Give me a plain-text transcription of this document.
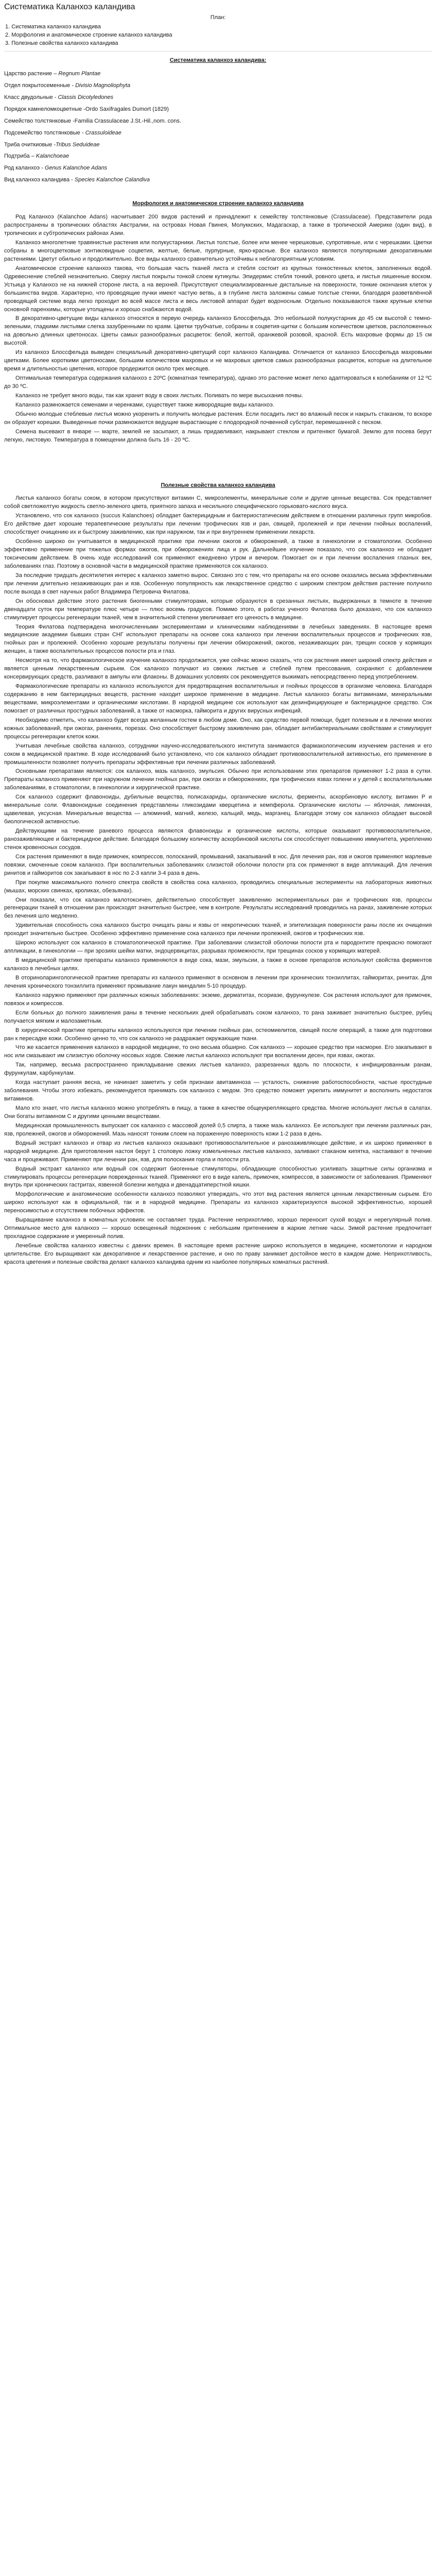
Систематика Каланхоэ каландива
План:
1. Систематика каланхоэ каландива
2. Морфология и анатомическое строение каланхоэ каландива
3. Полезные свойства каланхоэ каландива
Систематика каланхоэ каландива:
Царство растение – Regnum Plantae
Отдел покрытосеменные - Divisio Magnoliophyta
Класс двудольные - Classis Dicotyledones
Порядок камнеломкоцветные -Ordo Saxifragales Dumort (1829)
Семейство толстянковые -Familia Crassulaceae J.St.-Hil.,nom. cons.
Подсемейство толстянковые - Crassuloideae
Триба очиткиовые -Tribus Seduideae
Подтриба – Kalanchoeae
Род каланхоэ - Genus Kalanchoe Adans
Вид каланхоэ каландива - Species Kalanchoe Calandiva
Морфология и анатомическое строение каланхоэ каландива

Род Каланхоэ (Kalanchoe Adans) насчитывает 200 видов растений и принадлежит к семейству толстянковые (Crassulaceae). Представители рода распространены в тропических областях Австралии, на островах Новая Гвинея, Молуккских, Мадагаскар, а также в тропической Америке (один вид), в тропических и субтропических районах Азии.

Каланхоэ многолетние травянистые растения или полукустарники. Листья толстые, более или менее черешковые, супротивные, или с черешками. Цветки собраны в многоцветковые зонтиковидные соцветия, желтые, белые, пурпурные, ярко-красные. Все каланхоэ являются популярными декоративными растениями. Цветут обильно и продолжительно. Все виды каланхоэ сравнительно устойчивы к неблагоприятным условиям.

Анатомическое строение каланхоэ такова, что большая часть тканей листа и стебля состоит из крупных тонкостенных клеток, заполненных водой. Одревеснение стеблей незначительно. Сверху листья покрыты тонкой слоем кутикулы. Эпидермис стебля тонкий, ровного цвета, и листья лишенные воском. Устьица у Каланхоэ не на нижней стороне листа, а на верхней. Присутствуют специализированные дистальные на поверхности, тонкие окончания клеток у большинства видов. Характерно, что проводящие пучки имеют частую ветвь, а в глубине листа заложены самые толстые стенки, благодаря разветвлённой проводящей системе вода легко проходит во всей массе листа и весь листовой аппарат будет водоносным. Отдельно показываются также крупные клетки основной паренхимы, которые утолщены и хорошо снабжаются водой.

В декоративно-цветущие виды каланхоэ относятся в первую очередь каланхоэ Блоссфельда. Это небольшой полукустарник до 45 см высотой с темно-зелеными, гладкими листьями слегка зазубренными по краям. Цветки трубчатые, собраны в соцветия-щитки с большим количеством цветков, расположенных на довольно длинных цветоносах. Цветы самых разнообразных расцветок: белой, желтой, оранжевой розовой, красной. Есть махровые формы до 15 см высотой.

Из каланхоэ Блоссфельда выведен специальный декоративно-цветущий сорт каланхоэ Каландива. Отличается от каланхоэ Блоссфельда махровыми цветками. Более короткими цветоносами, большим количеством махровых и не махровых цветков самых разнообразных расцветок, которые на длительное время и длительностью цветения, которое продержится около трех месяцев.

Оптимальная температура содержания каланхоэ ± 20ºС (комнатная температура), однако это растение может легко адаптироваться к колебаниям от 12 ºС до 30 ºС.

Каланхоэ не требует много воды, так как хранит воду в своих листьях. Поливать по мере высыхания почвы.

Каланхоэ размножается семенами и черенками, существует также живородящие виды каланхоэ.

Обычно молодые стеблевые листья можно укоренить и получить молодые растения. Если посадить лист во влажный песок и накрыть стаканом, то вскоре он образует корешки. Выведенные почки размножаются ведущие вырастающие с плодородной почвенной субстрат, перемешанной с песком.

Семена высевают в январе — марте, землей не засыпают, а лишь придавливают, накрывают стеклом и притеняют бумагой. Землю для посева берут легкую, листовую. Температура в помещении должна быть 16 - 20 ºС.

Полезные свойства каланхоэ каландива

Листья каланхоэ богаты соком, в котором присутствуют витамин С, микроэлементы, минеральные соли и другие ценные вещества. Сок представляет собой светложелтую жидкость светло-зеленого цвета, приятного запаха и несильного специфического горьковато-кислого вкуса.

Установлено, что сок каланхоэ (succus Kalanchoes) обладает бактерицидным и бактериостатическим действием в отношении различных групп микробов. Его действие дает хорошие терапевтические результаты при лечении трофических язв и ран, свищей, пролежней и при лечении гнойных воспалений, способствует очищению их и быстрому заживлению, как при наружном, так и при внутреннем применении лекарств.

Особенно широко он учитывается в медицинской практике при лечении ожогов и обморожений, а также в гинекологии и стоматологии. Особенно эффективно применение при тяжелых формах ожогов, при обморожениях лица и рук. Дальнейшее изучение показало, что сок каланхоэ не обладает токсическим действием. В очень ходе исследований сок применяют ежедневно утром и вечером. Помогает он и при лечении воспаления глазных век, заболеваниях глаз. Поэтому в основной части в медицинской практике применяются сок каланхоэ.

За последние тридцать десятилетия интерес к каланхоэ заметно вырос. Связано это с тем, что препараты на его основе оказались весьма эффективными при лечении длительно незаживающих ран и язв. Особенную популярность как лекарственное средство с широким спектром действия растение получило после выхода в свет научных работ Владимира Петровича Филатова.

Он обосновал действие этого растения биогенными стимуляторами, которые образуются в срезанных листьях, выдержанных в темноте в течение двенадцати суток при температуре плюс четыре — плюс восемь градусов. Помимо этого, в работах ученого Филатова было доказано, что сок каланхоэ стимулирует процессы регенерации тканей, чем в значительной степени увеличивает его ценность в медицине.

Теория Филатова подтверждена многочисленными экспериментами и клиническими наблюдениями в лечебных заведениях. В настоящее время медицинские академии бывших стран СНГ используют препараты на основе сока каланхоэ при лечении воспалительных процессов и трофических язв, гнойных ран и пролежней. Особенно хорошие результаты получены при лечении обморожений, ожогов, незаживающих ран, трещин сосков у кормящих женщин, а также воспалительных процессов полости рта и глаз.

Несмотря на то, что фармакологическое изучение каланхоэ продолжается, уже сейчас можно сказать, что сок растения имеет широкий спектр действия и является ценным лекарственным сырьем. Сок каланхоэ получают из свежих листьев и стеблей путем прессования, сохраняют с добавлением консервирующих средств, разливают в ампулы или флаконы. В домашних условиях сок рекомендуется выжимать непосредственно перед употреблением.

Фармакологические препараты из каланхоэ используются для предотвращения воспалительных и гнойных процессов в организме человека. Благодаря содержанию в нем бактерицидных веществ, растение находит широкое применение в медицине. Листья каланхоэ богаты витаминами, минеральными веществами, микроэлементами и органическими кислотами. В народной медицине сок используют как дезинфицирующее и бактерицидное средство. Сок помогает от различных простудных заболеваний, а также от насморка, гайморита и других вирусных инфекций.

Необходимо отметить, что каланхоэ будет всегда желанным гостем в любом доме. Оно, как средство первой помощи, будет полезным и в лечении многих кожных заболеваний, при ожогах, ранениях, порезах. Оно способствует быстрому заживлению ран, обладает антибактериальными свойствами и стимулирует процессы регенерации клеток кожи.

Учитывая лечебные свойства каланхоэ, сотрудники научно-исследовательского института занимаются фармакологическим изучением растения и его соком в медицинской практике. В ходе исследований было установлено, что сок каланхоэ обладает противовоспалительной активностью, его применение в промышленности позволяет получить препараты эффективные при лечении различных заболеваний.

Основными препаратами являются: сок каланхоэ, мазь каланхоэ, эмульсия. Обычно при использовании этих препаратов применяют 1-2 раза в сутки. Препараты каланхоэ применяют при наружном лечении гнойных ран, при ожогах и обморожениях, при трофических язвах голени и у детей с воспалительными заболеваниями, в стоматологии, в гинекологии и хирургической практике.

Сок каланхоэ содержит флавоноиды, дубильные вещества, полисахариды, органические кислоты, ферменты, аскорбиновую кислоту, витамин Р и минеральные соли. Флавоноидные соединения представлены гликозидами кверцетина и кемпферола. Органические кислоты — яблочная, лимонная, щавелевая, уксусная. Минеральные вещества — алюминий, магний, железо, кальций, медь, марганец. Благодаря этому сок каланхоэ обладает высокой биологической активностью.

Действующими на течение раневого процесса являются флавоноиды и органические кислоты, которые оказывают противовоспалительное, ранозаживляющее и бактерицидное действие. Благодаря большому количеству аскорбиновой кислоты сок способствует повышению иммунитета, укреплению стенок кровеносных сосудов.

Сок растения применяют в виде примочек, компрессов, полосканий, промываний, закапываний в нос. Для лечения ран, язв и ожогов применяют марлевые повязки, смоченные соком каланхоэ. При воспалительных заболеваниях слизистой оболочки полости рта сок применяют в виде аппликаций. Для лечения ринитов и гайморитов сок закапывают в нос по 2-3 капли 3-4 раза в день.

При покупке максимального полного спектра свойств в свойства сока каланхоэ, проводились специальные эксперименты на лабораторных животных (мышах, морских свинках, кроликах, обезьянах).

Они показали, что сок каланхоэ малотоксичен, действительно способствует заживлению экспериментальных ран и трофических язв, процессы регенерации тканей в отношении ран происходят значительно быстрее, чем в контроле. Результаты исследований проводились на ранах, заживление которых без лечения шло медленно.

Удивительная способность сока каланхоэ быстро очищать раны и язвы от некротических тканей, и эпителизация поверхности раны после их очищения проходит значительно быстрее. Особенно эффективно применение сока каланхоэ при лечении пролежней, ожогов и трофических язв.

Широко используют сок каланхоэ в стоматологической практике. При заболевании слизистой оболочки полости рта и пародонтите прекрасно помогают аппликации, в гинекологии — при эрозиях шейки матки, эндоцервицитах, разрывах промежности, при трещинах сосков у кормящих матерей.

В медицинской практике препараты каланхоэ применяются в виде сока, мази, эмульсии, а также в основе препаратов используют свойства ферментов каланхоэ в лечебных целях.

В оториноларингологической практике препараты из каланхоэ применяют в основном в лечении при хронических тонзиллитах, гайморитах, ринитах. Для лечения хронического тонзиллита применяют промывание лакун миндалин 5-10 процедур.

Каланхоэ наружно применяют при различных кожных заболеваниях: экземе, дерматитах, псориазе, фурункулезе. Сок растения используют для примочек, повязок и компрессов.

Если больных до полного заживления раны в течение нескольких дней обрабатывать соком каланхоэ, то рана заживает значительно быстрее, рубец получается мягким и малозаметным.

В хирургической практике препараты каланхоэ используются при лечении гнойных ран, остеомиелитов, свищей после операций, а также для подготовки ран к пересадке кожи. Особенно ценно то, что сок каланхоэ не раздражает окружающие ткани.

Что же касается применения каланхоэ в народной медицине, то оно весьма обширно. Сок каланхоэ — хорошее средство при насморке. Его закапывают в нос или смазывают им слизистую оболочку носовых ходов. Свежие листья каланхоэ используют при воспалении десен, при язвах, ожогах.

Так, например, весьма распространено прикладывание свежих листьев каланхоэ, разрезанных вдоль по плоскости, к инфицированным ранам, фурункулам, карбункулам.

Когда наступает ранняя весна, не начинает заметить у себя признаки авитаминоза — усталость, снижение работоспособности, частые простудные заболевания. Чтобы этого избежать, рекомендуется принимать сок каланхоэ с медом. Это средство поможет укрепить иммунитет и восполнить недостаток витаминов.

Мало кто знает, что листья каланхоэ можно употреблять в пищу, а также в качестве общеукрепляющего средства. Многие используют листья в салатах. Они богаты витамином С и другими ценными веществами.

Медицинская промышленность выпускает сок каланхоэ с массовой долей 0,5 спирта, а также мазь каланхоэ. Ее используют при лечении различных ран, язв, пролежней, ожогов и обморожений. Мазь наносят тонким слоем на пораженную поверхность кожи 1-2 раза в день.

Водный экстракт каланхоэ и отвар из листьев каланхоэ оказывают противовоспалительное и ранозаживляющее действие, и их широко применяют в народной медицине. Для приготовления настоя берут 1 столовую ложку измельченных листьев каланхоэ, заливают стаканом кипятка, настаивают в течение часа и процеживают. Применяют при лечении ран, язв, для полоскания горла и полости рта.

Водный экстракт каланхоэ или водный сок содержит биогенные стимуляторы, обладающие способностью усиливать защитные силы организма и стимулировать процессы регенерации поврежденных тканей. Применяют его в виде капель, примочек, компрессов, в зависимости от заболевания. Применяют внутрь при хронических гастритах, язвенной болезни желудка и двенадцатиперстной кишки.

Морфологические и анатомические особенности каланхоэ позволяют утверждать, что этот вид растения является ценным лекарственным сырьем. Его широко используют как в официальной, так и в народной медицине. Препараты из каланхоэ характеризуются высокой эффективностью, хорошей переносимостью и отсутствием побочных эффектов.

Выращивание каланхоэ в комнатных условиях не составляет труда. Растение неприхотливо, хорошо переносит сухой воздух и нерегулярный полив. Оптимальное место для каланхоэ — хорошо освещенный подоконник с небольшим притенением в жаркие летние часы. Зимой растение предпочитает прохладное содержание и умеренный полив.

Лечебные свойства каланхоэ известны с давних времен. В настоящее время растение широко используется в медицине, косметологии и народном целительстве. Его выращивают как декоративное и лекарственное растение, и оно по праву занимает достойное место в каждом доме. Неприхотливость, красота цветения и полезные свойства делают каланхоэ каландива одним из наиболее популярных комнатных растений.
